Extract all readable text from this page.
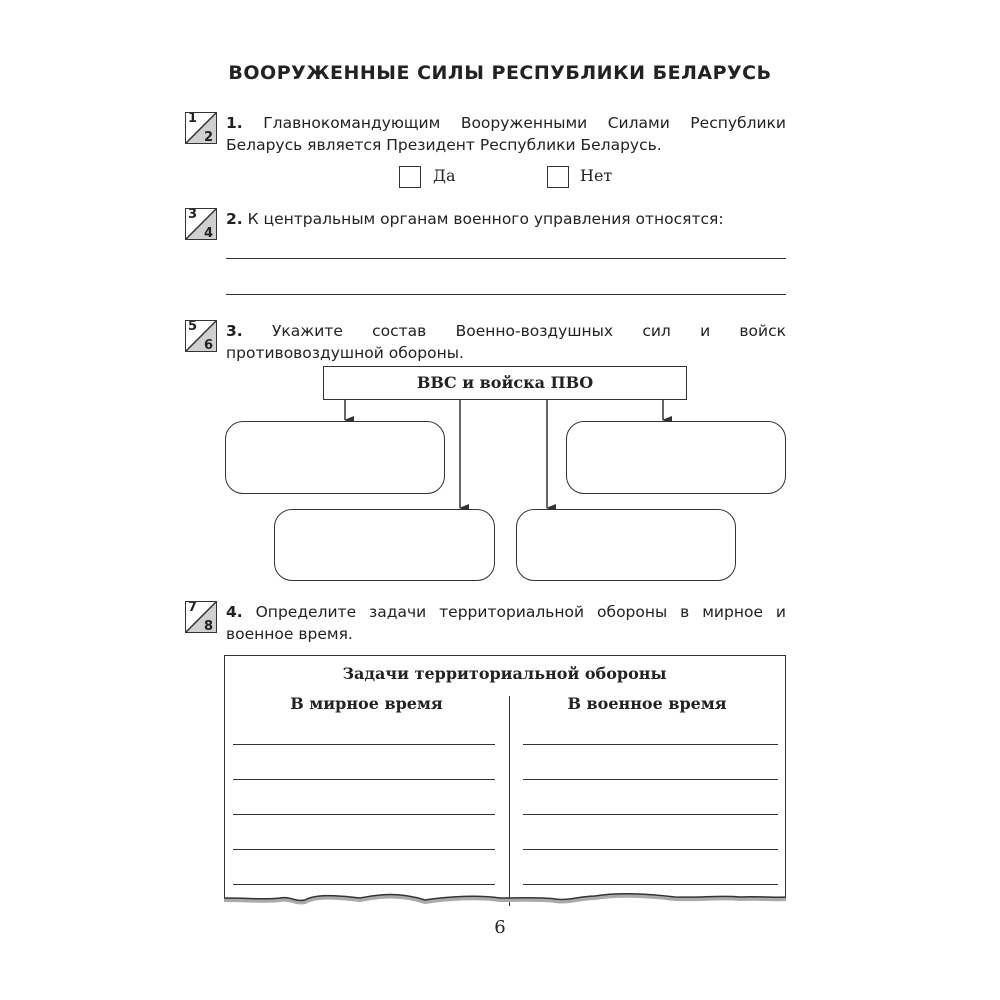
ВООРУЖЕННЫЕ СИЛЫ РЕСПУБЛИКИ БЕЛАРУСЬ
1
2
1. Главнокомандующим Вооруженными Силами Республики Беларусь является Президент Республики Беларусь.
Да	Нет
3
4
2. К центральным органам военного управления относятся:
5
6
3. Укажите состав Военно-воздушных сил и войск противовоздушной обороны.
ВВС и войска ПВО
7
8
4. Определите задачи территориальной обороны в мирное и военное время.
Задачи территориальной обороны
В мирное время	В военное время
6
